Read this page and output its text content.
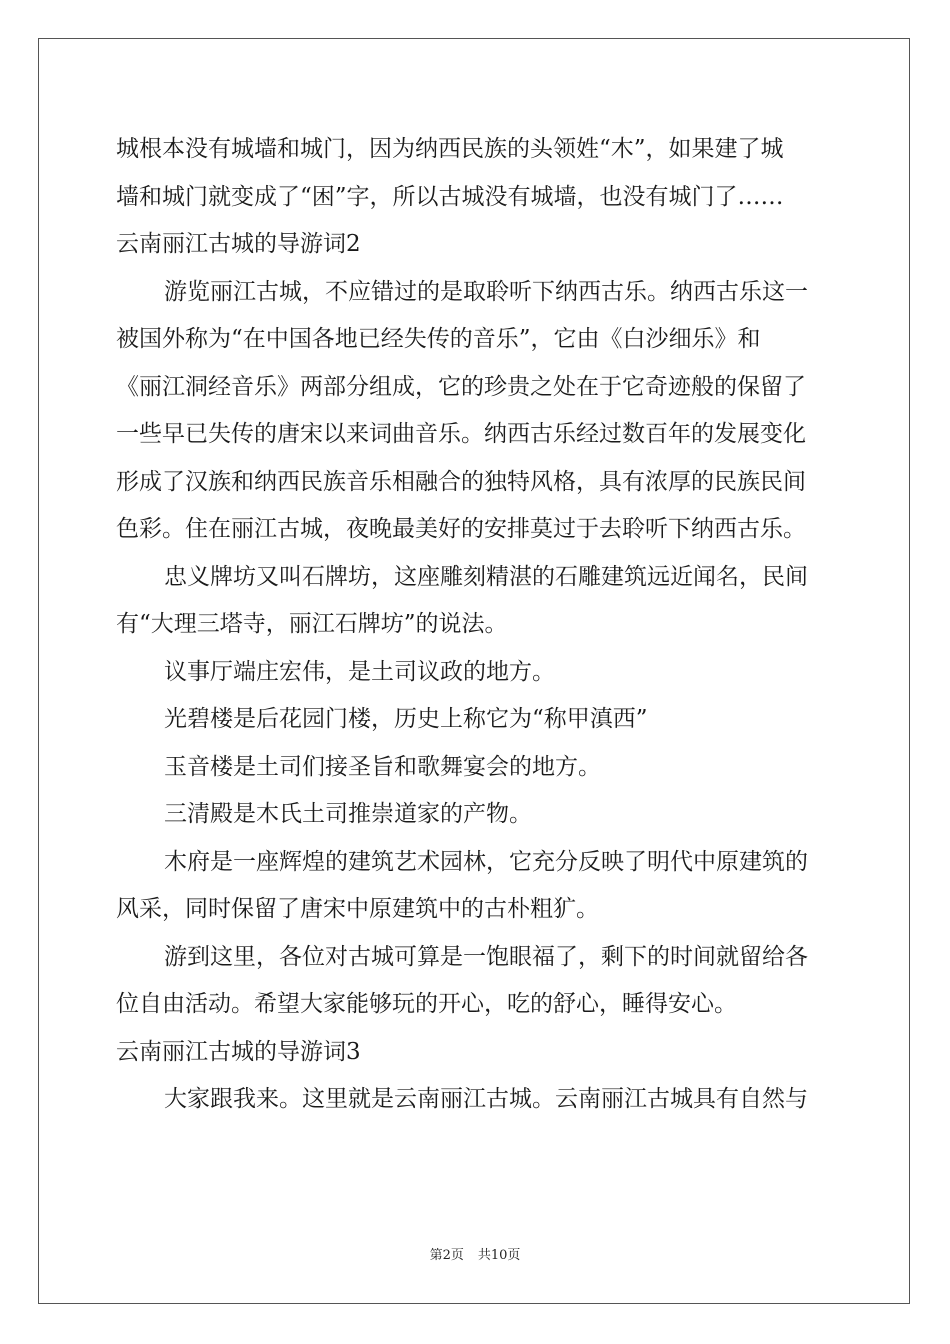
城根本没有城墙和城门，因为纳西民族的头领姓“木”，如果建了城
墙和城门就变成了“困”字，所以古城没有城墙，也没有城门了……
云南丽江古城的导游词2
游览丽江古城，不应错过的是取聆听下纳西古乐。纳西古乐这一
被国外称为“在中国各地已经失传的音乐”，它由《白沙细乐》和
《丽江洞经音乐》两部分组成，它的珍贵之处在于它奇迹般的保留了
一些早已失传的唐宋以来词曲音乐。纳西古乐经过数百年的发展变化
形成了汉族和纳西民族音乐相融合的独特风格，具有浓厚的民族民间
色彩。住在丽江古城，夜晚最美好的安排莫过于去聆听下纳西古乐。
忠义牌坊又叫石牌坊，这座雕刻精湛的石雕建筑远近闻名，民间
有“大理三塔寺，丽江石牌坊”的说法。
议事厅端庄宏伟，是土司议政的地方。
光碧楼是后花园门楼，历史上称它为“称甲滇西”
玉音楼是土司们接圣旨和歌舞宴会的地方。
三清殿是木氏土司推崇道家的产物。
木府是一座辉煌的建筑艺术园林，它充分反映了明代中原建筑的
风采，同时保留了唐宋中原建筑中的古朴粗犷。
游到这里，各位对古城可算是一饱眼福了，剩下的时间就留给各
位自由活动。希望大家能够玩的开心，吃的舒心，睡得安心。
云南丽江古城的导游词3
大家跟我来。这里就是云南丽江古城。云南丽江古城具有自然与
第2页 共10页
